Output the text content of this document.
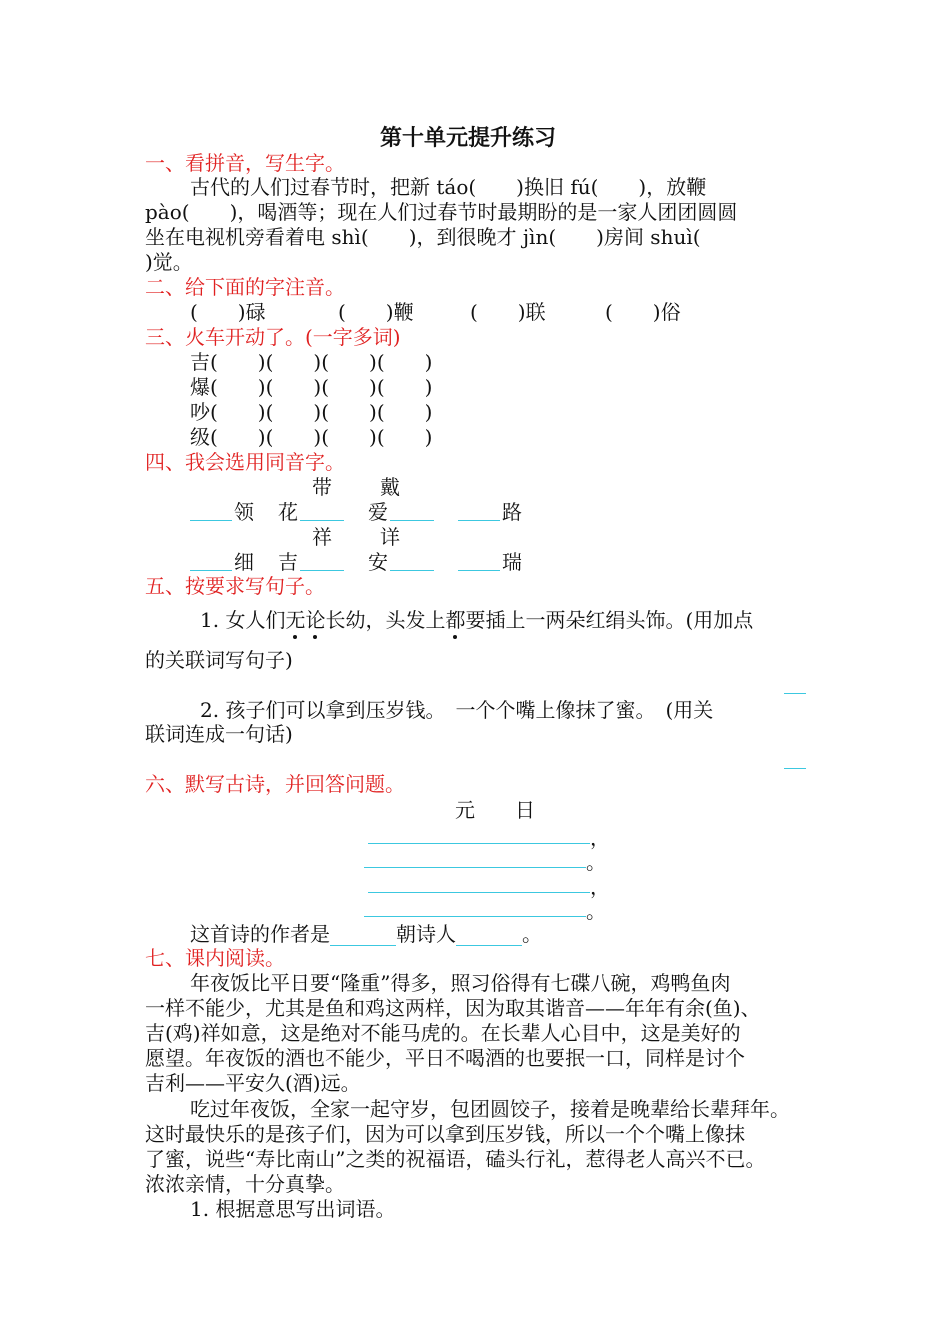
第十单元提升练习
一、看拼音，写生字。
古代的人们过春节时，把新 táo(　　)换旧 fú(　　)，放鞭
pào(　　)，喝酒等；现在人们过春节时最期盼的是一家人团团圆圆
坐在电视机旁看着电 shì(　　)，到很晚才 jìn(　　)房间 shuì(
)觉。
二、给下面的字注音。
(　　)碌	(　　)鞭	(　　)联	(　　)俗
三、火车开动了。(一字多词)
吉(　　)(　　)(　　)(　　)
爆(　　)(　　)(　　)(　　)
吵(　　)(　　)(　　)(　　)
级(　　)(　　)(　　)(　　)
四、我会选用同音字。
带 戴
领 花	爱	路
祥 详
细 吉	安	瑞
五、按要求写句子。
1. 女人们无论长幼，头发上都要插上一两朵红绢头饰。(用加点
的关联词写句子)
2. 孩子们可以拿到压岁钱。　一个个嘴上像抹了蜜。　(用关
联词连成一句话)
六、默写古诗，并回答问题。
元　　日
，
。
，
。
这首诗的作者是	朝诗人	。
七、课内阅读。
年夜饭比平日要“隆重”得多，照习俗得有七碟八碗，鸡鸭鱼肉
一样不能少，尤其是鱼和鸡这两样，因为取其谐音——年年有余(鱼)、
吉(鸡)祥如意，这是绝对不能马虎的。在长辈人心目中，这是美好的
愿望。年夜饭的酒也不能少，平日不喝酒的也要抿一口，同样是讨个
吉利——平安久(酒)远。
吃过年夜饭，全家一起守岁，包团圆饺子，接着是晚辈给长辈拜年。
这时最快乐的是孩子们，因为可以拿到压岁钱，所以一个个嘴上像抹
了蜜，说些“寿比南山”之类的祝福语，磕头行礼，惹得老人高兴不已。
浓浓亲情，十分真挚。
1. 根据意思写出词语。
